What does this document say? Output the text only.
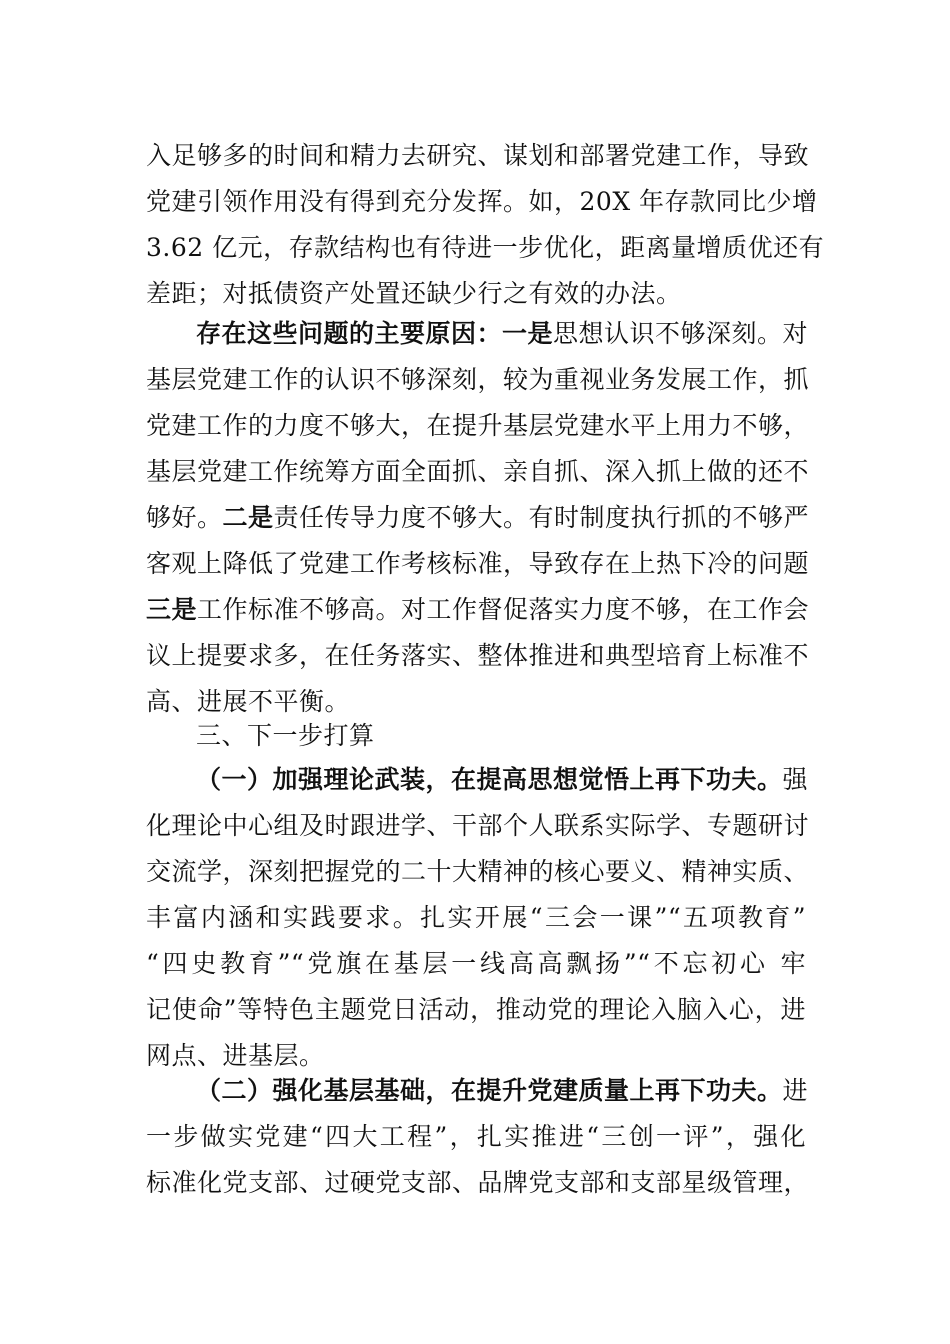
入足够多的时间和精力去研究、谋划和部署党建工作，导致
党建引领作用没有得到充分发挥。如，20X 年存款同比少增
3.62 亿元，存款结构也有待进一步优化，距离量增质优还有
差距；对抵债资产处置还缺少行之有效的办法。
存在这些问题的主要原因：一是思想认识不够深刻。对
基层党建工作的认识不够深刻，较为重视业务发展工作，抓
党建工作的力度不够大，在提升基层党建水平上用力不够，
基层党建工作统筹方面全面抓、亲自抓、深入抓上做的还不
够好。二是责任传导力度不够大。有时制度执行抓的不够严
客观上降低了党建工作考核标准，导致存在上热下冷的问题
三是工作标准不够高。对工作督促落实力度不够，在工作会
议上提要求多，在任务落实、整体推进和典型培育上标准不
高、进展不平衡。
三、下一步打算
（一）加强理论武装，在提高思想觉悟上再下功夫。强
化理论中心组及时跟进学、干部个人联系实际学、专题研讨
交流学，深刻把握党的二十大精神的核心要义、精神实质、
丰富内涵和实践要求。扎实开展“三会一课”“五项教育”
“四史教育”“党旗在基层一线高高飘扬”“不忘初心 牢
记使命”等特色主题党日活动，推动党的理论入脑入心，进
网点、进基层。
（二）强化基层基础，在提升党建质量上再下功夫。进
一步做实党建“四大工程”，扎实推进“三创一评”，强化
标准化党支部、过硬党支部、品牌党支部和支部星级管理，
